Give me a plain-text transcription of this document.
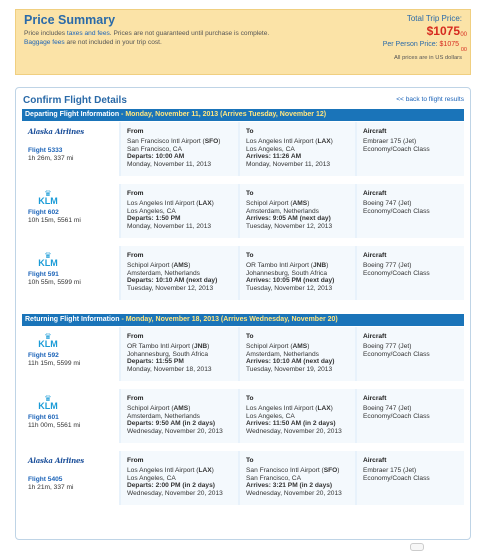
Price Summary
Price includes taxes and fees. Prices are not guaranteed until purchase is complete.
Baggage fees are not included in your trip cost.
Total Trip Price:
$1075 00
Per Person Price: $1075
00
All prices are in US dollars
Confirm Flight Details	<< back to flight results
Departing Flight Information - Monday, November 11, 2013 (Arrives Tuesday, November 12)
Alaska Airlines
Flight 5333
1h 26m, 337 mi
From
San Francisco Intl Airport (SFO)
San Francisco, CA
Departs: 10:00 AM
Monday, November 11, 2013
To
Los Angeles Intl Airport (LAX)
Los Angeles, CA
Arrives: 11:26 AM
Monday, November 11, 2013
Aircraft
Embraer 175 (Jet)
Economy/Coach Class
♛
KLM
Flight 602
10h 15m, 5561 mi
From
Los Angeles Intl Airport (LAX)
Los Angeles, CA
Departs: 1:50 PM
Monday, November 11, 2013
To
Schipol Airport (AMS)
Amsterdam, Netherlands
Arrives: 9:05 AM (next day)
Tuesday, November 12, 2013
Aircraft
Boeing 747 (Jet)
Economy/Coach Class
♛
KLM
Flight 591
10h 55m, 5599 mi
From
Schipol Airport (AMS)
Amsterdam, Netherlands
Departs: 10:10 AM (next day)
Tuesday, November 12, 2013
To
OR Tambo Intl Airport (JNB)
Johannesburg, South Africa
Arrives: 10:05 PM (next day)
Tuesday, November 12, 2013
Aircraft
Boeing 777 (Jet)
Economy/Coach Class
Returning Flight Information - Monday, November 18, 2013 (Arrives Wednesday, November 20)
♛
KLM
Flight 592
11h 15m, 5599 mi
From
OR Tambo Intl Airport (JNB)
Johannesburg, South Africa
Departs: 11:55 PM
Monday, November 18, 2013
To
Schipol Airport (AMS)
Amsterdam, Netherlands
Arrives: 10:10 AM (next day)
Tuesday, November 19, 2013
Aircraft
Boeing 777 (Jet)
Economy/Coach Class
♛
KLM
Flight 601
11h 00m, 5561 mi
From
Schipol Airport (AMS)
Amsterdam, Netherlands
Departs: 9:50 AM (in 2 days)
Wednesday, November 20, 2013
To
Los Angeles Intl Airport (LAX)
Los Angeles, CA
Arrives: 11:50 AM (in 2 days)
Wednesday, November 20, 2013
Aircraft
Boeing 747 (Jet)
Economy/Coach Class
Alaska Airlines
Flight 5405
1h 21m, 337 mi
From
Los Angeles Intl Airport (LAX)
Los Angeles, CA
Departs: 2:00 PM (in 2 days)
Wednesday, November 20, 2013
To
San Francisco Intl Airport (SFO)
San Francisco, CA
Arrives: 3:21 PM (in 2 days)
Wednesday, November 20, 2013
Aircraft
Embraer 175 (Jet)
Economy/Coach Class
